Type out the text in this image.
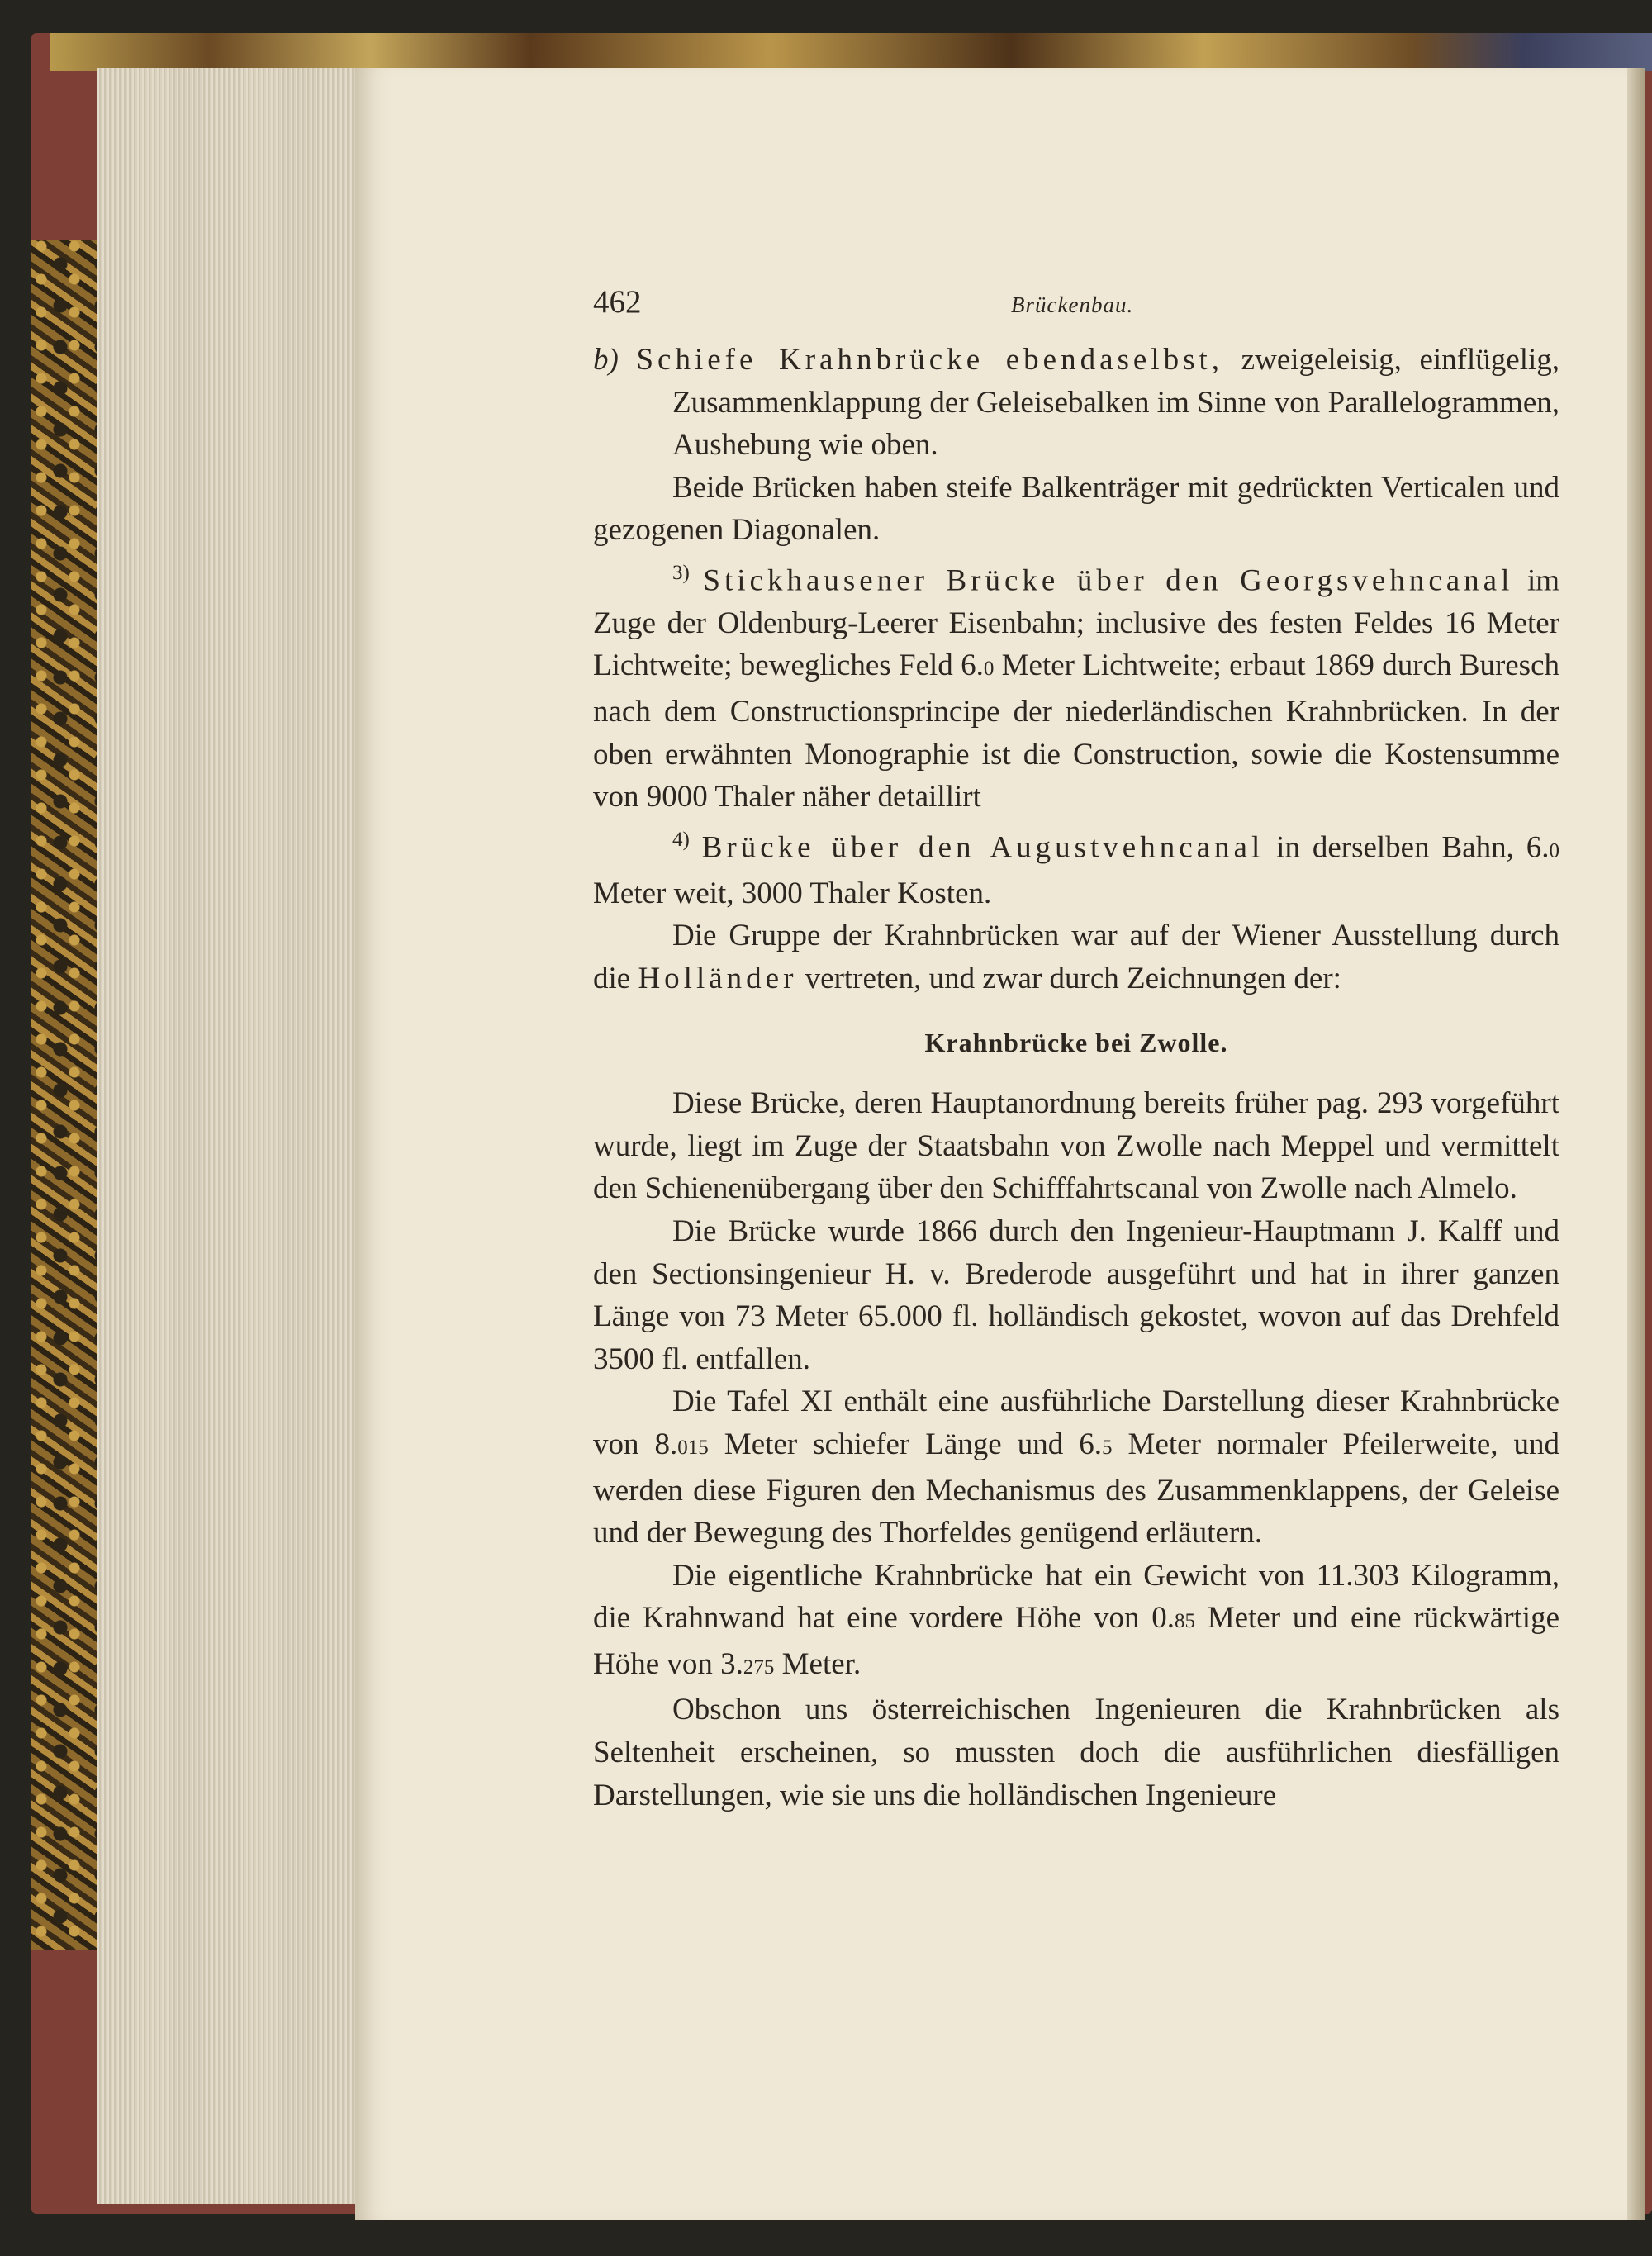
462	Brückenbau.

b) Schiefe Krahnbrücke ebendaselbst, zweigeleisig, einflügelig, Zusammenklappung der Geleisebalken im Sinne von Parallelogrammen, Aushebung wie oben.

Beide Brücken haben steife Balkenträger mit gedrückten Verticalen und gezogenen Diagonalen.

$^{3)}$ Stickhausener Brücke über den Georgsvehncanal im Zuge der Oldenburg-Leerer Eisenbahn; inclusive des festen Feldes 16 Meter Lichtweite; bewegliches Feld 6.0 Meter Lichtweite; erbaut 1869 durch Buresch nach dem Constructionsprincipe der niederländischen Krahnbrücken. In der oben erwähnten Monographie ist die Construction, sowie die Kostensumme von 9000 Thaler näher detaillirt

$^{4)}$ Brücke über den Augustvehncanal in derselben Bahn, 6.0 Meter weit, 3000 Thaler Kosten.

Die Gruppe der Krahnbrücken war auf der Wiener Ausstellung durch die Holländer vertreten, und zwar durch Zeichnungen der:

Krahnbrücke bei Zwolle.

Diese Brücke, deren Hauptanordnung bereits früher pag. 293 vorgeführt wurde, liegt im Zuge der Staatsbahn von Zwolle nach Meppel und vermittelt den Schienenübergang über den Schifffahrtscanal von Zwolle nach Almelo.

Die Brücke wurde 1866 durch den Ingenieur-Hauptmann J. Kalff und den Sectionsingenieur H. v. Brederode ausgeführt und hat in ihrer ganzen Länge von 73 Meter 65.000 fl. holländisch gekostet, wovon auf das Drehfeld 3500 fl. entfallen.

Die Tafel XI enthält eine ausführliche Darstellung dieser Krahnbrücke von 8.015 Meter schiefer Länge und 6.5 Meter normaler Pfeilerweite, und werden diese Figuren den Mechanismus des Zusammenklappens, der Geleise und der Bewegung des Thorfeldes genügend erläutern.

Die eigentliche Krahnbrücke hat ein Gewicht von 11.303 Kilogramm, die Krahnwand hat eine vordere Höhe von 0.85 Meter und eine rückwärtige Höhe von 3.275 Meter.

Obschon uns österreichischen Ingenieuren die Krahnbrücken als Seltenheit erscheinen, so mussten doch die ausführlichen diesfälligen Darstellungen, wie sie uns die holländischen Ingenieure
